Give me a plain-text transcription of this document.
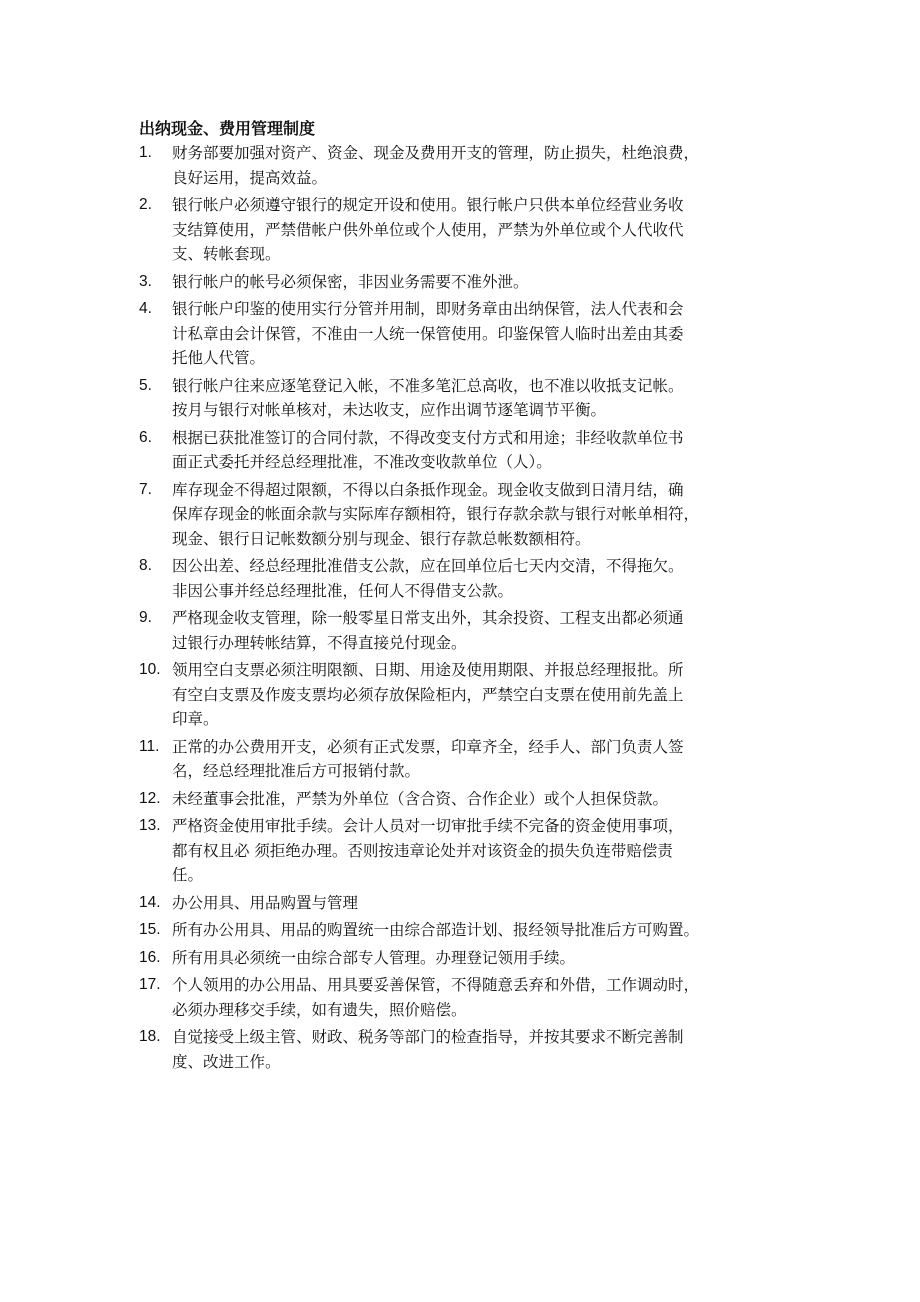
出纳现金、费用管理制度
1. 财务部要加强对资产、资金、现金及费用开支的管理，防止损失，杜绝浪费，
良好运用，提高效益。
2. 银行帐户必须遵守银行的规定开设和使用。银行帐户只供本单位经营业务收
支结算使用，严禁借帐户供外单位或个人使用，严禁为外单位或个人代收代
支、转帐套现。
3. 银行帐户的帐号必须保密，非因业务需要不准外泄。
4. 银行帐户印鉴的使用实行分管并用制，即财务章由出纳保管，法人代表和会
计私章由会计保管，不准由一人统一保管使用。印鉴保管人临时出差由其委
托他人代管。
5. 银行帐户往来应逐笔登记入帐，不准多笔汇总高收，也不准以收抵支记帐。
按月与银行对帐单核对，未达收支，应作出调节逐笔调节平衡。
6. 根据已获批准签订的合同付款，不得改变支付方式和用途；非经收款单位书
面正式委托并经总经理批准，不准改变收款单位（人）。
7. 库存现金不得超过限额，不得以白条抵作现金。现金收支做到日清月结，确
保库存现金的帐面余款与实际库存额相符，银行存款余款与银行对帐单相符，
现金、银行日记帐数额分别与现金、银行存款总帐数额相符。
8. 因公出差、经总经理批准借支公款，应在回单位后七天内交清，不得拖欠。
非因公事并经总经理批准，任何人不得借支公款。
9. 严格现金收支管理，除一般零星日常支出外，其余投资、工程支出都必须通
过银行办理转帐结算，不得直接兑付现金。
10. 领用空白支票必须注明限额、日期、用途及使用期限、并报总经理报批。所
有空白支票及作废支票均必须存放保险柜内，严禁空白支票在使用前先盖上
印章。
11. 正常的办公费用开支，必须有正式发票，印章齐全，经手人、部门负责人签
名，经总经理批准后方可报销付款。
12. 未经董事会批准，严禁为外单位（含合资、合作企业）或个人担保贷款。
13. 严格资金使用审批手续。会计人员对一切审批手续不完备的资金使用事项，
都有权且必 须拒绝办理。否则按违章论处并对该资金的损失负连带赔偿责
任。
14. 办公用具、用品购置与管理
15. 所有办公用具、用品的购置统一由综合部造计划、报经领导批准后方可购置。
16. 所有用具必须统一由综合部专人管理。办理登记领用手续。
17. 个人领用的办公用品、用具要妥善保管，不得随意丢弃和外借，工作调动时，
必须办理移交手续，如有遗失，照价赔偿。
18. 自觉接受上级主管、财政、税务等部门的检查指导，并按其要求不断完善制
度、改进工作。
